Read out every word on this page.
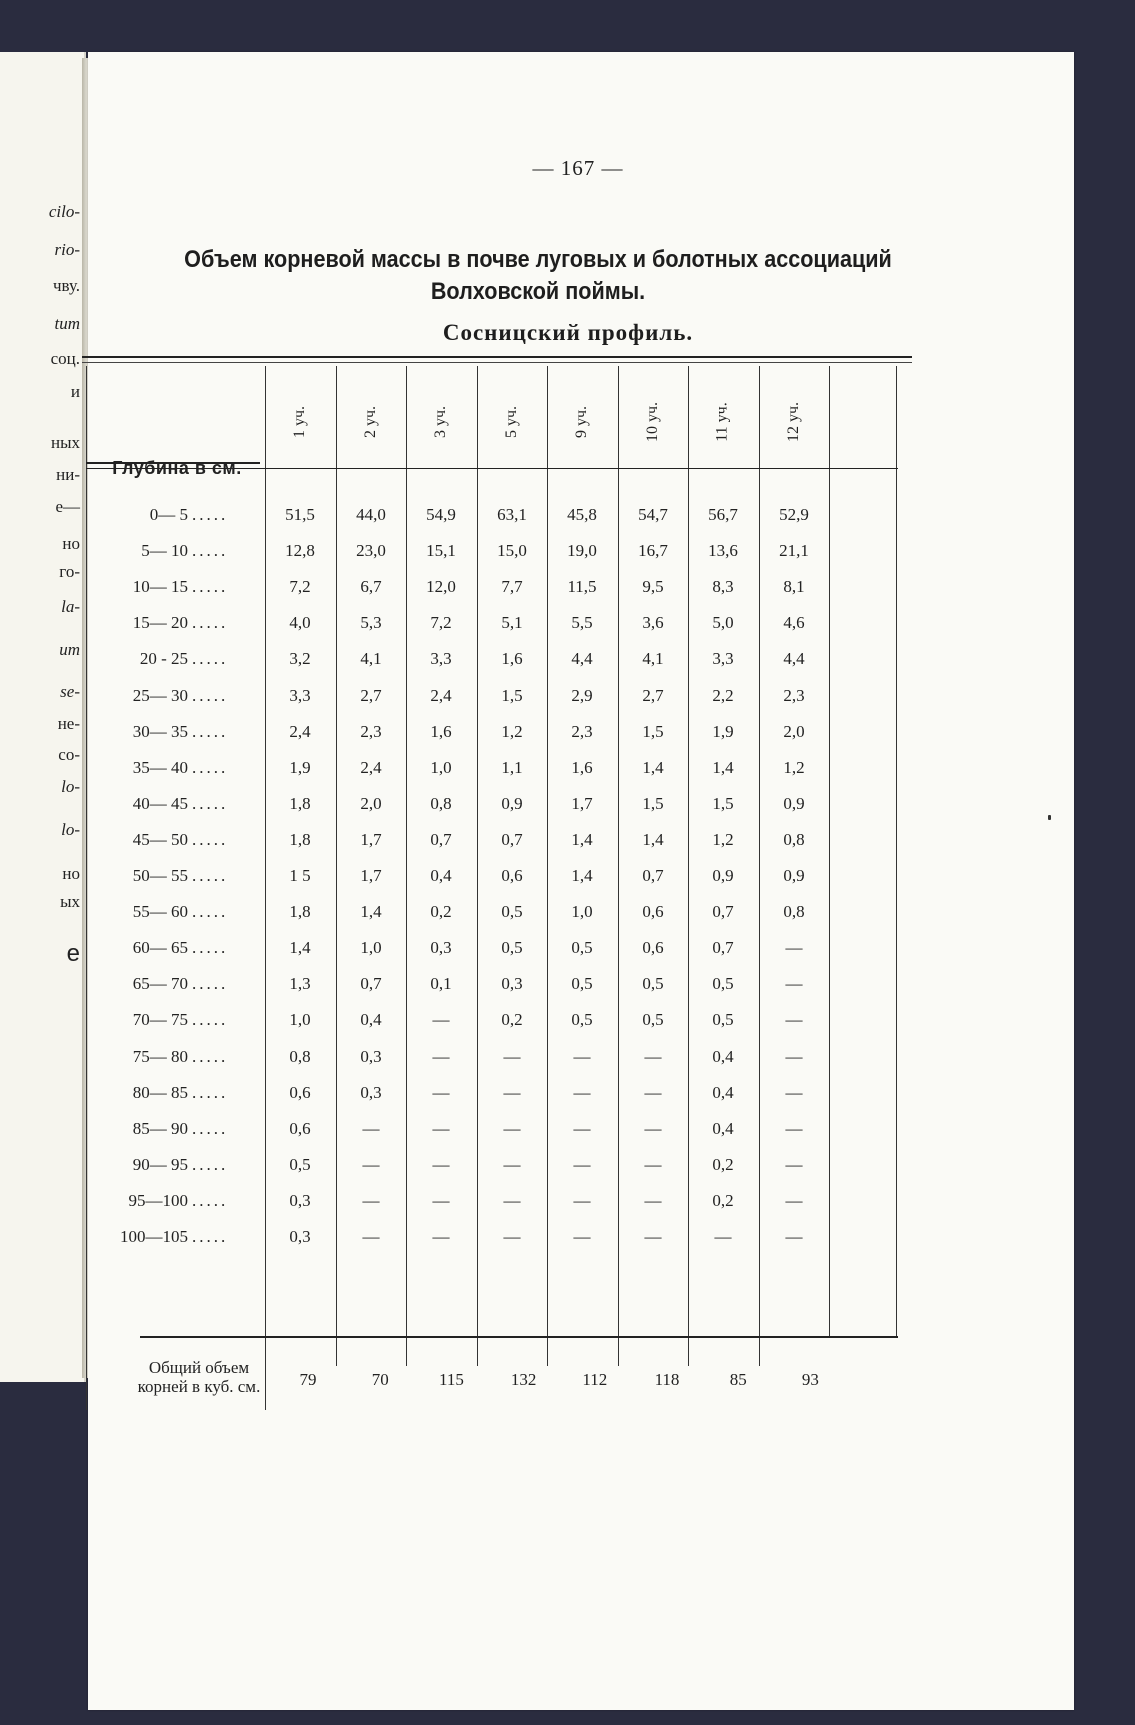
cilo-
rio-
чву.
tum
соц.
и
ных
ни-
е—
но
го-
la-
um
se-
не-
со-
lo-
lo-
но
ых
e
— 167 —
Объем корневой массы в почве луговых и болотных ассоциаций
Волховской поймы.
Сосницский профиль.
Глубина в см.
1 уч.	2 уч.	3 уч.	5 уч.	9 уч.	10 уч.	11 уч.	12 уч.
0— 5 .....	51,5	44,0	54,9	63,1	45,8	54,7	56,7	52,9
5— 10 .....	12,8	23,0	15,1	15,0	19,0	16,7	13,6	21,1
10— 15 .....	7,2	6,7	12,0	7,7	11,5	9,5	8,3	8,1
15— 20 .....	4,0	5,3	7,2	5,1	5,5	3,6	5,0	4,6
20 - 25 .....	3,2	4,1	3,3	1,6	4,4	4,1	3,3	4,4
25— 30 .....	3,3	2,7	2,4	1,5	2,9	2,7	2,2	2,3
30— 35 .....	2,4	2,3	1,6	1,2	2,3	1,5	1,9	2,0
35— 40 .....	1,9	2,4	1,0	1,1	1,6	1,4	1,4	1,2
40— 45 .....	1,8	2,0	0,8	0,9	1,7	1,5	1,5	0,9
45— 50 .....	1,8	1,7	0,7	0,7	1,4	1,4	1,2	0,8
50— 55 .....	1 5	1,7	0,4	0,6	1,4	0,7	0,9	0,9
55— 60 .....	1,8	1,4	0,2	0,5	1,0	0,6	0,7	0,8
60— 65 .....	1,4	1,0	0,3	0,5	0,5	0,6	0,7	—
65— 70 .....	1,3	0,7	0,1	0,3	0,5	0,5	0,5	—
70— 75 .....	1,0	0,4	—	0,2	0,5	0,5	0,5	—
75— 80 .....	0,8	0,3	—	—	—	—	0,4	—
80— 85 .....	0,6	0,3	—	—	—	—	0,4	—
85— 90 .....	0,6	—	—	—	—	—	0,4	—
90— 95 .....	0,5	—	—	—	—	—	0,2	—
95—100 .....	0,3	—	—	—	—	—	0,2	—
100—105 .....	0,3	—	—	—	—	—	—	—
Общий объем
корней в куб. см.	79	70	115	132	112	118	85	93
